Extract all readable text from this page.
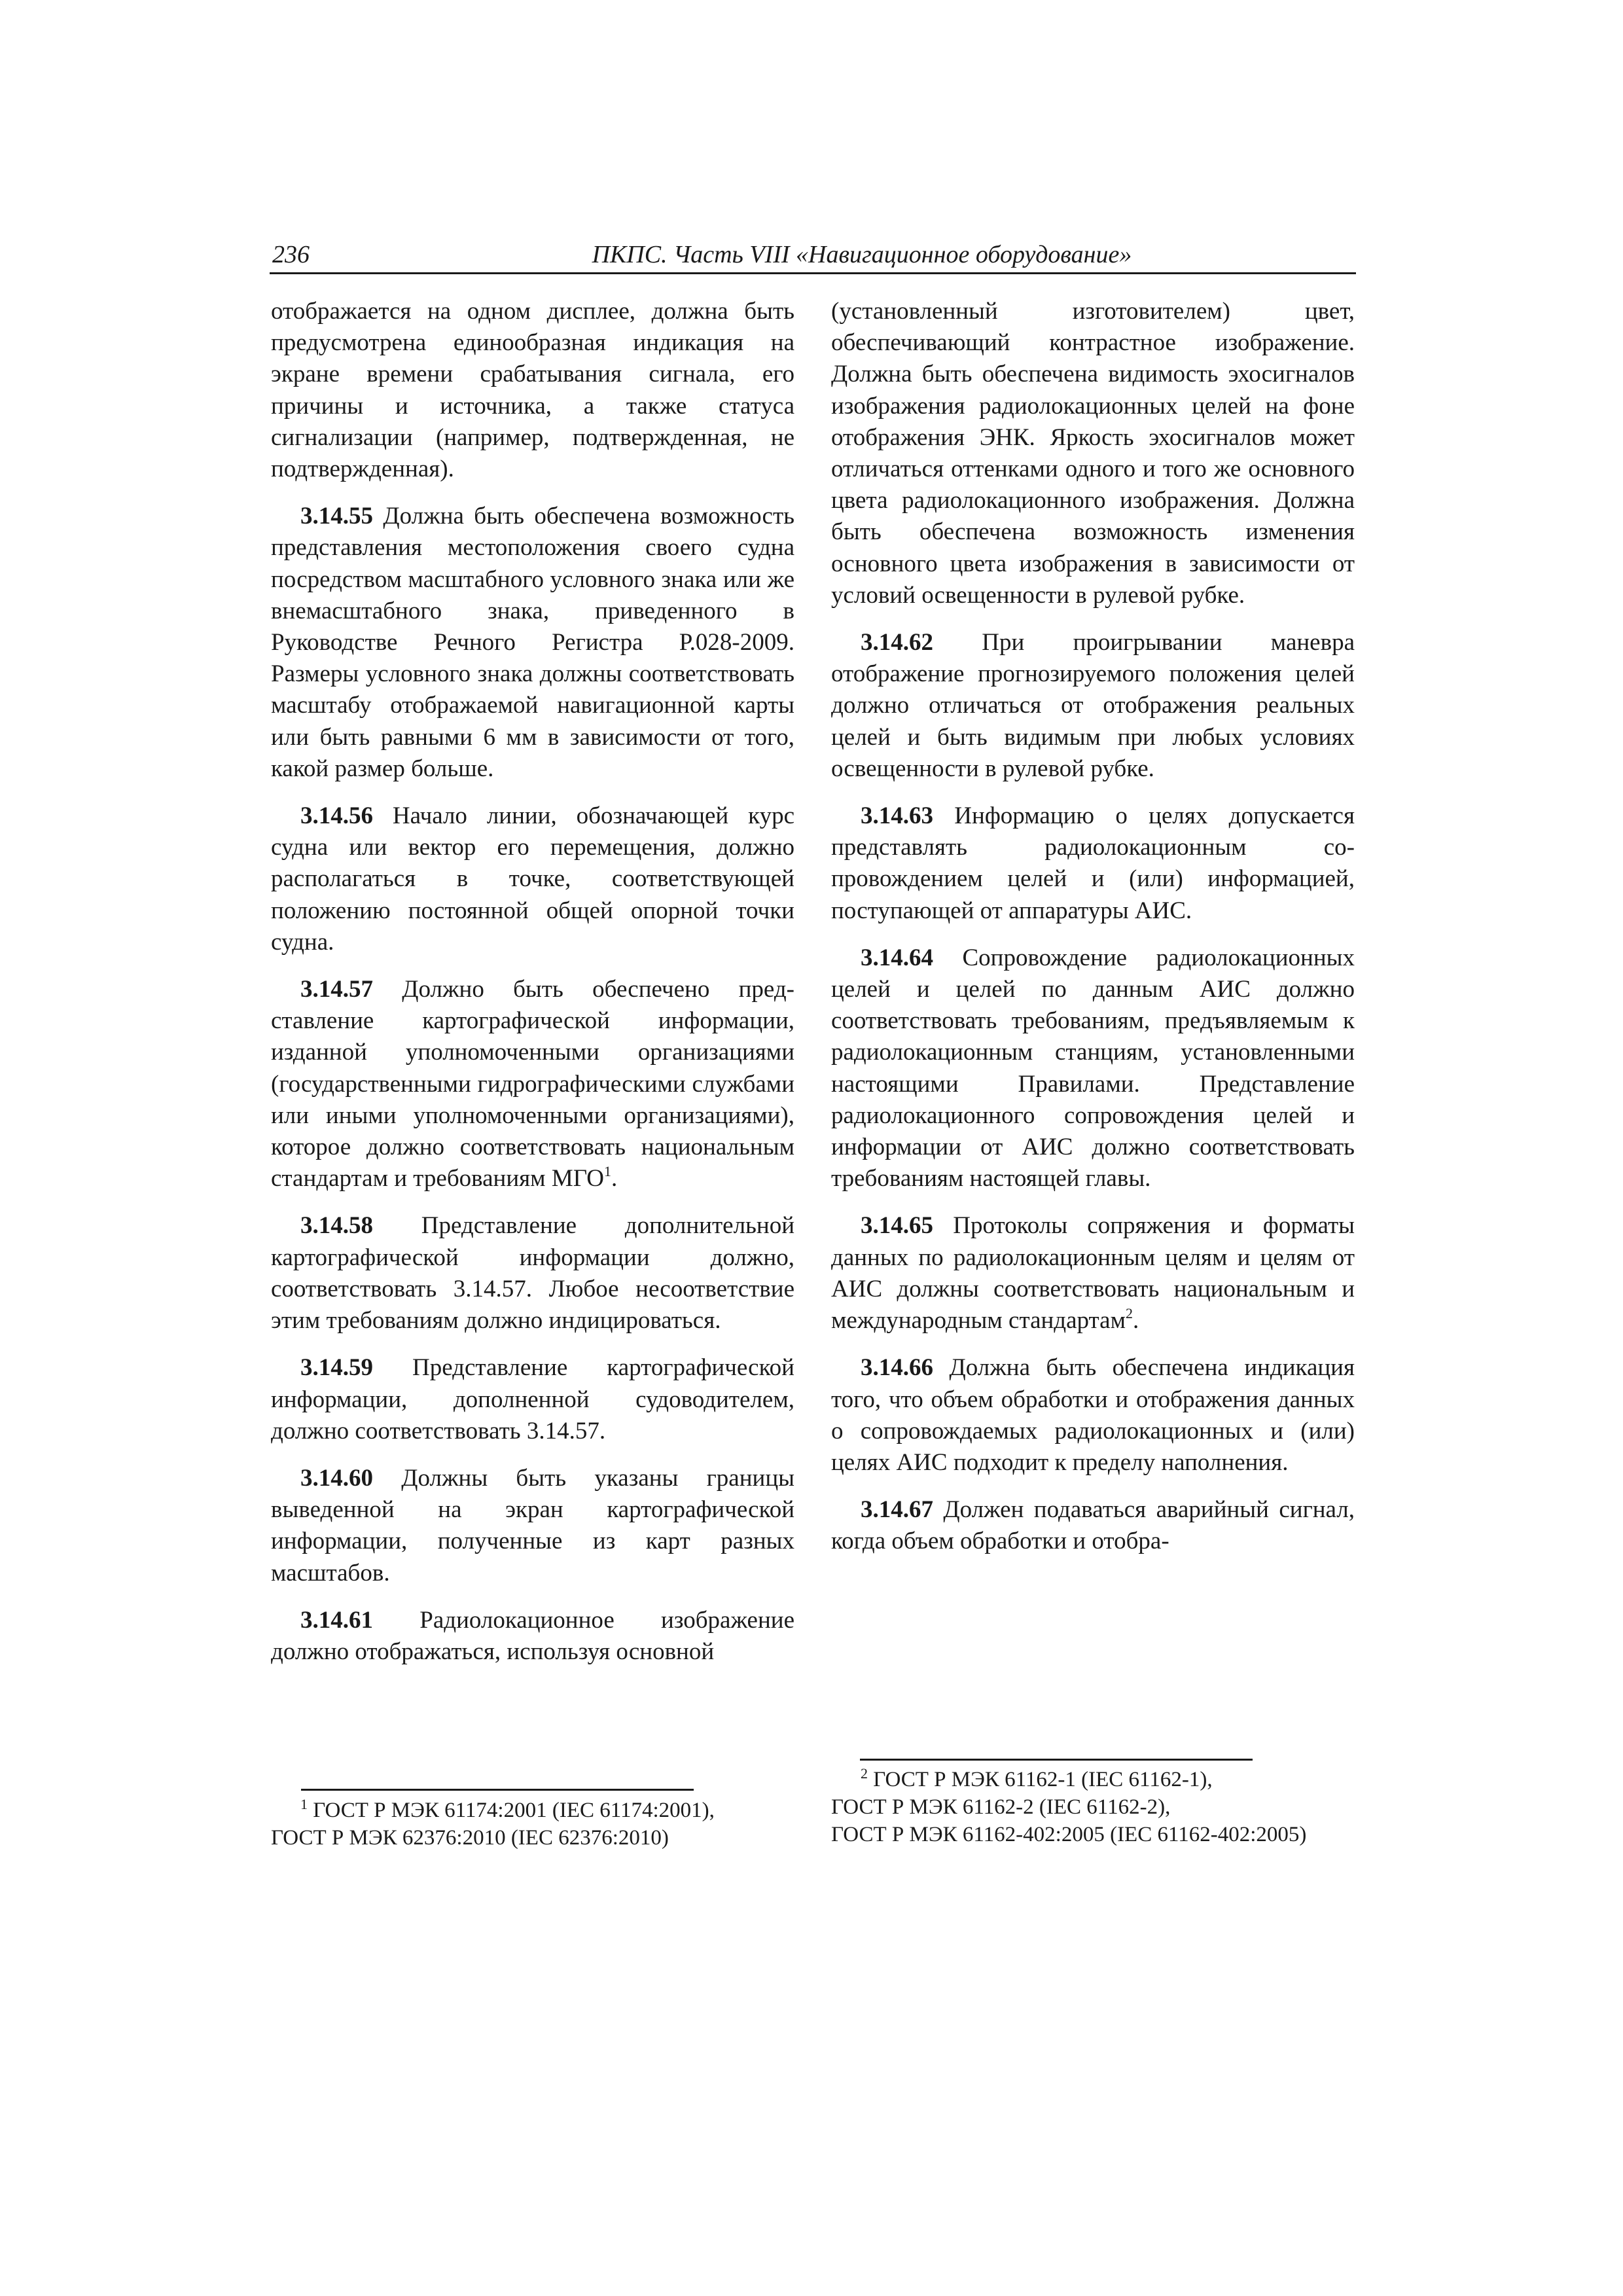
236	ПКПС. Часть VIII «Навигационное оборудование»

отображается на одном дисплее, должна быть предусмотрена единообразная индикация на экране времени срабатывания сигнала, его причины и источника, а также статуса сигнализации (например, подтвержденная, не подтвержденная).

3.14.55 Должна быть обеспечена возможность представления местоположения своего судна посредством масштабного условного знака или же внемасштабного знака, приведенного в Руководстве Речного Регистра Р.028-2009. Размеры условного знака должны соответствовать масштабу отображаемой навигационной карты или быть равными 6 мм в зависимости от того, какой размер больше.

3.14.56 Начало линии, обозначающей курс судна или вектор его перемещения, должно располагаться в точке, соответствующей положению постоянной общей опорной точки судна.

3.14.57 Должно быть обеспечено представление картографической информации, изданной уполномоченными организациями (государственными гидрографическими службами или иными уполномоченными организациями), которое должно соответствовать национальным стандартам и требованиям МГО$^1$.

3.14.58 Представление дополнительной картографической информации должно, соответствовать 3.14.57. Любое несоответствие этим требованиям должно индицироваться.

3.14.59 Представление картографической информации, дополненной судоводителем, должно соответствовать 3.14.57.

3.14.60 Должны быть указаны границы выведенной на экран картографической информации, полученные из карт разных масштабов.

3.14.61 Радиолокационное изображение должно отображаться, используя основной

(установленный изготовителем) цвет, обеспечивающий контрастное изображение. Должна быть обеспечена видимость эхосигналов изображения радиолокационных целей на фоне отображения ЭНК. Яркость эхосигналов может отличаться оттенками одного и того же основного цвета радиолокационного изображения. Должна быть обеспечена возможность изменения основного цвета изображения в зависимости от условий освещенности в рулевой рубке.

3.14.62 При проигрывании маневра отображение прогнозируемого положения целей должно отличаться от отображения реальных целей и быть видимым при любых условиях освещенности в рулевой рубке.

3.14.63 Информацию о целях допускается представлять радиолокационным сопровождением целей и (или) информацией, поступающей от аппаратуры АИС.

3.14.64 Сопровождение радиолокационных целей и целей по данным АИС должно соответствовать требованиям, предъявляемым к радиолокационным станциям, установленными настоящими Правилами. Представление радиолокационного сопровождения целей и информации от АИС должно соответствовать требованиям настоящей главы.

3.14.65 Протоколы сопряжения и форматы данных по радиолокационным целям и целям от АИС должны соответствовать национальным и международным стандартам$^2$.

3.14.66 Должна быть обеспечена индикация того, что объем обработки и отображения данных о сопровождаемых радиолокационных и (или) целях АИС подходит к пределу наполнения.

3.14.67 Должен подаваться аварийный сигнал, когда объем обработки и отобра-

$^1$ ГОСТ Р МЭК 61174:2001 (IEC 61174:2001),
ГОСТ Р МЭК 62376:2010 (IEC 62376:2010)
$^2$ ГОСТ Р МЭК 61162-1 (IEC 61162-1),
ГОСТ Р МЭК 61162-2 (IEC 61162-2),
ГОСТ Р МЭК 61162-402:2005 (IEC 61162-402:2005)
